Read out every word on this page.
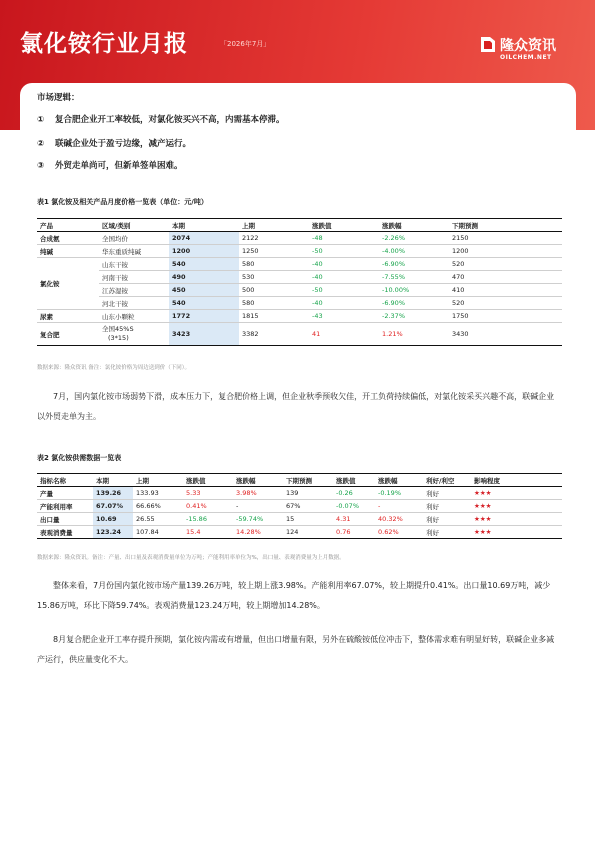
氯化铵行业月报	「2026年7月」	隆众资讯
OILCHEM.NET
市场逻辑：
① 复合肥企业开工率较低，对氯化铵买兴不高，内需基本停滞。
② 联碱企业处于盈亏边缘，减产运行。
③ 外贸走单尚可，但新单签单困难。
表1 氯化铵及相关产品月度价格一览表（单位：元/吨）
产品	区域/类别	本期	上期	涨跌值	涨跌幅	下期预测
合成氨	全国均价	2074	2122	-48	-2.26%	2150
纯碱	华东重质纯碱	1200	1250	-50	-4.00%	1200
氯化铵	山东干铵	540	580	-40	-6.90%	520
	河南干铵	490	530	-40	-7.55%	470
	江苏湿铵	450	500	-50	-10.00%	410
	河北干铵	540	580	-40	-6.90%	520
尿素	山东小颗粒	1772	1815	-43	-2.37%	1750
复合肥	全国45%S
(3*15)	3423	3382	41	1.21%	3430
数据来源：隆众资讯 备注：氯化铵价格为周边送到价（下同）。
7月，国内氯化铵市场弱势下滑，成本压力下，复合肥价格上调，但企业秋季预收欠佳，开工负荷持续偏低，对氯化铵采买兴趣不高，联碱企业以外贸走单为主。
表2 氯化铵供需数据一览表
指标名称	本期	上期	涨跌值	涨跌幅	下期预测	涨跌值	涨跌幅	利好/利空	影响程度
产量	139.26	133.93	5.33	3.98%	139	-0.26	-0.19%	利好	★★★
产能利用率	67.07%	66.66%	0.41%	-	67%	-0.07%	-	利好	★★★
出口量	10.69	26.55	-15.86	-59.74%	15	4.31	40.32%	利好	★★★
表观消费量	123.24	107.84	15.4	14.28%	124	0.76	0.62%	利好	★★★
数据来源：隆众资讯。备注：产量、出口量及表观消费量单位为万吨；产能利用率单位为%，出口量、表观消费量为上月数据。
整体来看，7月份国内氯化铵市场产量139.26万吨，较上期上涨3.98%。产能利用率67.07%，较上期提升0.41%。出口量10.69万吨，减少15.86万吨，环比下降59.74%。表观消费量123.24万吨，较上期增加14.28%。
8月复合肥企业开工率存提升预期，氯化铵内需或有增量，但出口增量有限，另外在硫酸铵低位冲击下，整体需求难有明显好转，联碱企业多减产运行，供应量变化不大。
